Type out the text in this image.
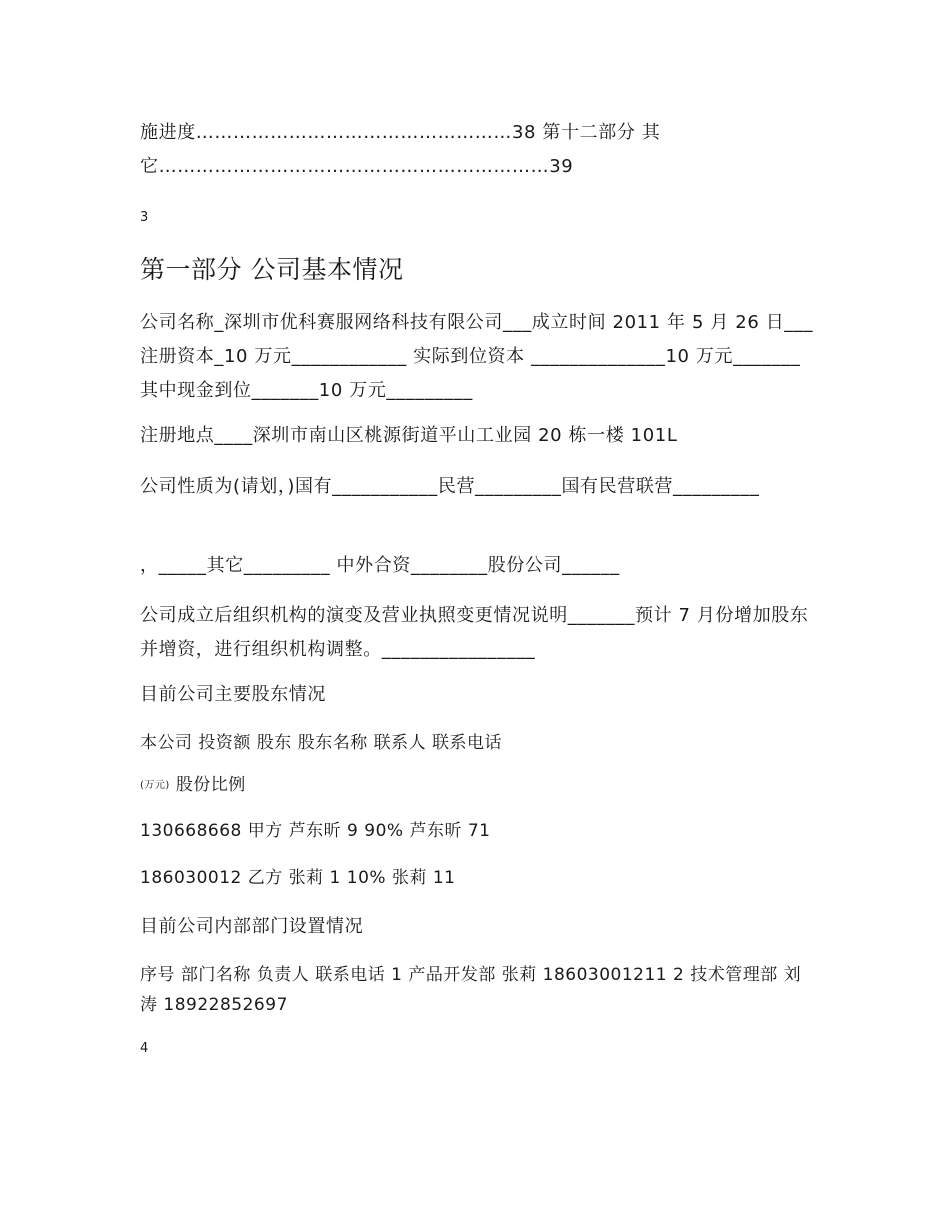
施进度……………………………………………38 第十二部分 其它………………………………………………………39

3

第一部分 公司基本情况

公司名称_深圳市优科赛服网络科技有限公司___成立时间 2011 年 5 月 26 日___ 注册资本_10 万元____________ 实际到位资本 ______________10 万元_______ 其中现金到位_______10 万元_________

注册地点____深圳市南山区桃源街道平山工业园 20 栋一楼 101L

公司性质为(请划，)国有___________民营_________国有民营联营_________

，_____其它_________ 中外合资________股份公司______

公司成立后组织机构的演变及营业执照变更情况说明_______预计 7 月份增加股东并增资，进行组织机构调整。________________

目前公司主要股东情况

本公司 投资额 股东 股东名称 联系人 联系电话

(万元) 股份比例

130668668 甲方 芦东昕 9 90% 芦东昕 71

186030012 乙方 张莉 1 10% 张莉 11

目前公司内部部门设置情况

序号 部门名称 负责人 联系电话 1 产品开发部 张莉 18603001211 2 技术管理部 刘涛 18922852697

4
